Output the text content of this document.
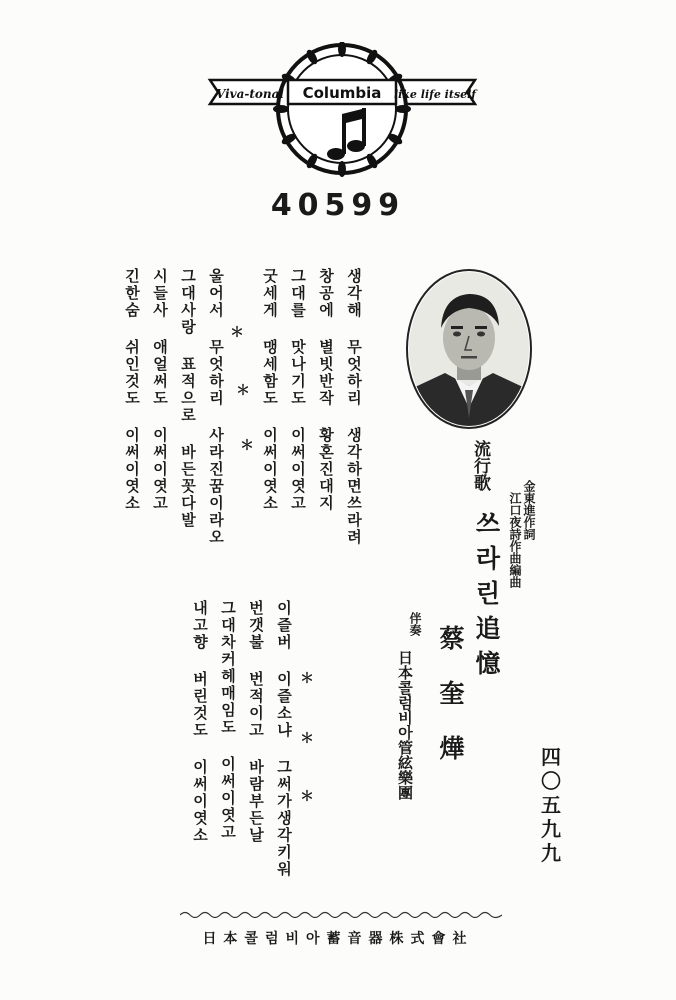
Viva-tonal Columbia like life itself
40599
流行歌
쓰라린追憶 金東進作詞
江口夜詩作曲編曲
蔡奎燁
伴奏
日本콜럼비아管絃樂團	四
〇
五
九
九
생각해 무엇하리 생각하면쓰라려
창공에 별빗반작 황혼진대지
그대를 맛나기도 이써이엿고
굿세게 맹세함도 이써이엿소
＊
＊
＊
울어서 무엇하리 사라진꿈이라오
그대사랑 표적으로 바든꼿다발
시들사 애얼써도 이써이엿고
긴한숨 쉬인것도 이써이엿소
＊
＊
＊
이즐버 이즐소냐 그써가생각키워
번갯불 번적이고 바람부든날
그대차커헤매임도 이써이엿고
내고향 버린것도 이써이엿소
日本콜럼비아蓄音器株式會社
